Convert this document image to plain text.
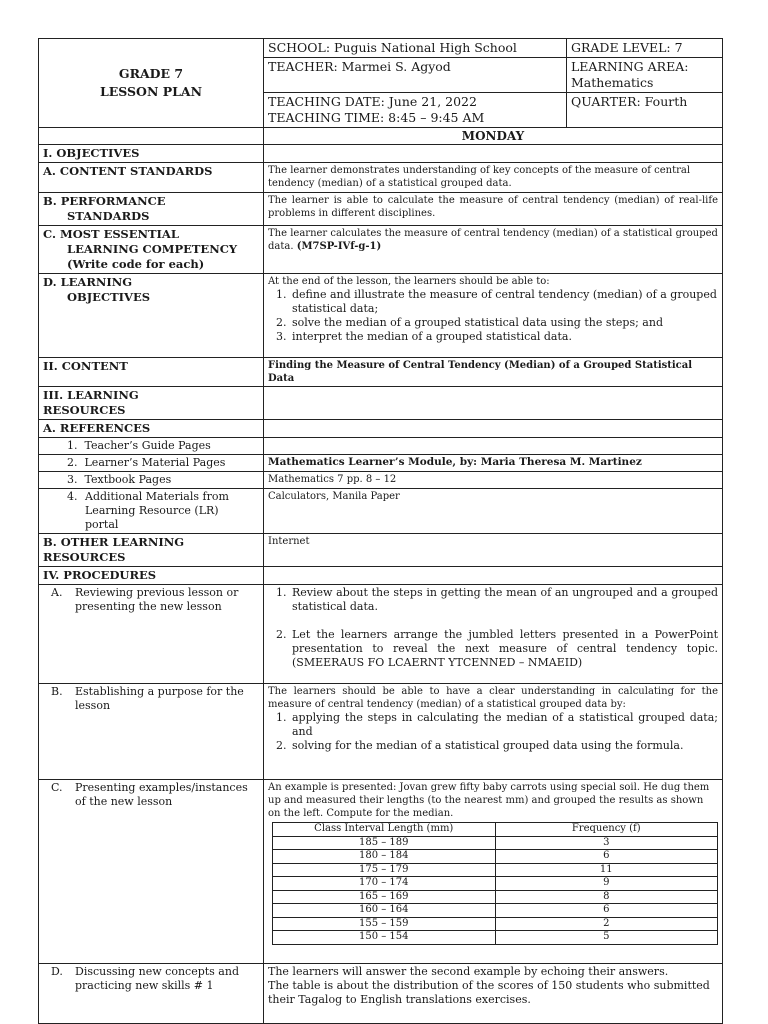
GRADE 7
LESSON PLAN
	SCHOOL: Puguis National High School	GRADE LEVEL: 7
TEACHER: Marmei S. Agyod	LEARNING AREA:
Mathematics

TEACHING DATE: June 21, 2022
TEACHING TIME: 8:45 – 9:45 AM
	QUARTER: Fourth
	MONDAY
I. OBJECTIVES	
A. CONTENT STANDARDS	The learner demonstrates understanding of key concepts of the measure of central tendency (median) of a statistical grouped data.

B. PERFORMANCE
STANDARDS
	The learner is able to calculate the measure of central tendency (median) of real-life problems in different disciplines.

C. MOST ESSENTIAL
LEARNING COMPETENCY
(Write code for each)
	The learner calculates the measure of central tendency (median) of a statistical grouped data. (M7SP-IVf-g-1)

D. LEARNING
OBJECTIVES

At the end of the lesson, the learners should be able to:
1. define and illustrate the measure of central tendency (median) of a grouped statistical data;
2. solve the median of a grouped statistical data using the steps; and
3. interpret the median of a grouped statistical data.

II. CONTENT	Finding the Measure of Central Tendency (Median) of a Grouped Statistical Data

III. LEARNING
RESOURCES

A. REFERENCES	
1. Teacher’s Guide Pages	
2. Learner’s Material Pages	Mathematics Learner’s Module, by: Maria Theresa M. Martinez
3. Textbook Pages	Mathematics 7 pp. 8 – 12

4. Additional Materials from Learning Resource (LR) portal
	Calculators, Manila Paper

B. OTHER LEARNING
RESOURCES
	Internet
IV. PROCEDURES	

A.	Reviewing previous lesson or presenting the new lesson

1. Review about the steps in getting the mean of an ungrouped and a grouped statistical data.
2. Let the learners arrange the jumbled letters presented in a PowerPoint presentation to reveal the next measure of central tendency topic. (SMEERAUS FO LCAERNT YTCENNED – NMAEID)

B.	Establishing a purpose for the lesson

The learners should be able to have a clear understanding in calculating for the measure of central tendency (median) of a statistical grouped data by:
1. applying the steps in calculating the median of a statistical grouped data; and
2. solving for the median of a statistical grouped data using the formula.

C.	Presenting examples/instances of the new lesson

An example is presented: Jovan grew fifty baby carrots using special soil. He dug them up and measured their lengths (to the nearest mm) and grouped the results as shown on the left. Compute for the median.
Class Interval Length (mm)	Frequency (f)
185 – 189	3
180 – 184	6
175 – 179	11
170 – 174	9
165 – 169	8
160 – 164	6
155 – 159	2
150 – 154	5

D.	Discussing new concepts and practicing new skills # 1

The learners will answer the second example by echoing their answers.
The table is about the distribution of the scores of 150 students who submitted their Tagalog to English translations exercises.
